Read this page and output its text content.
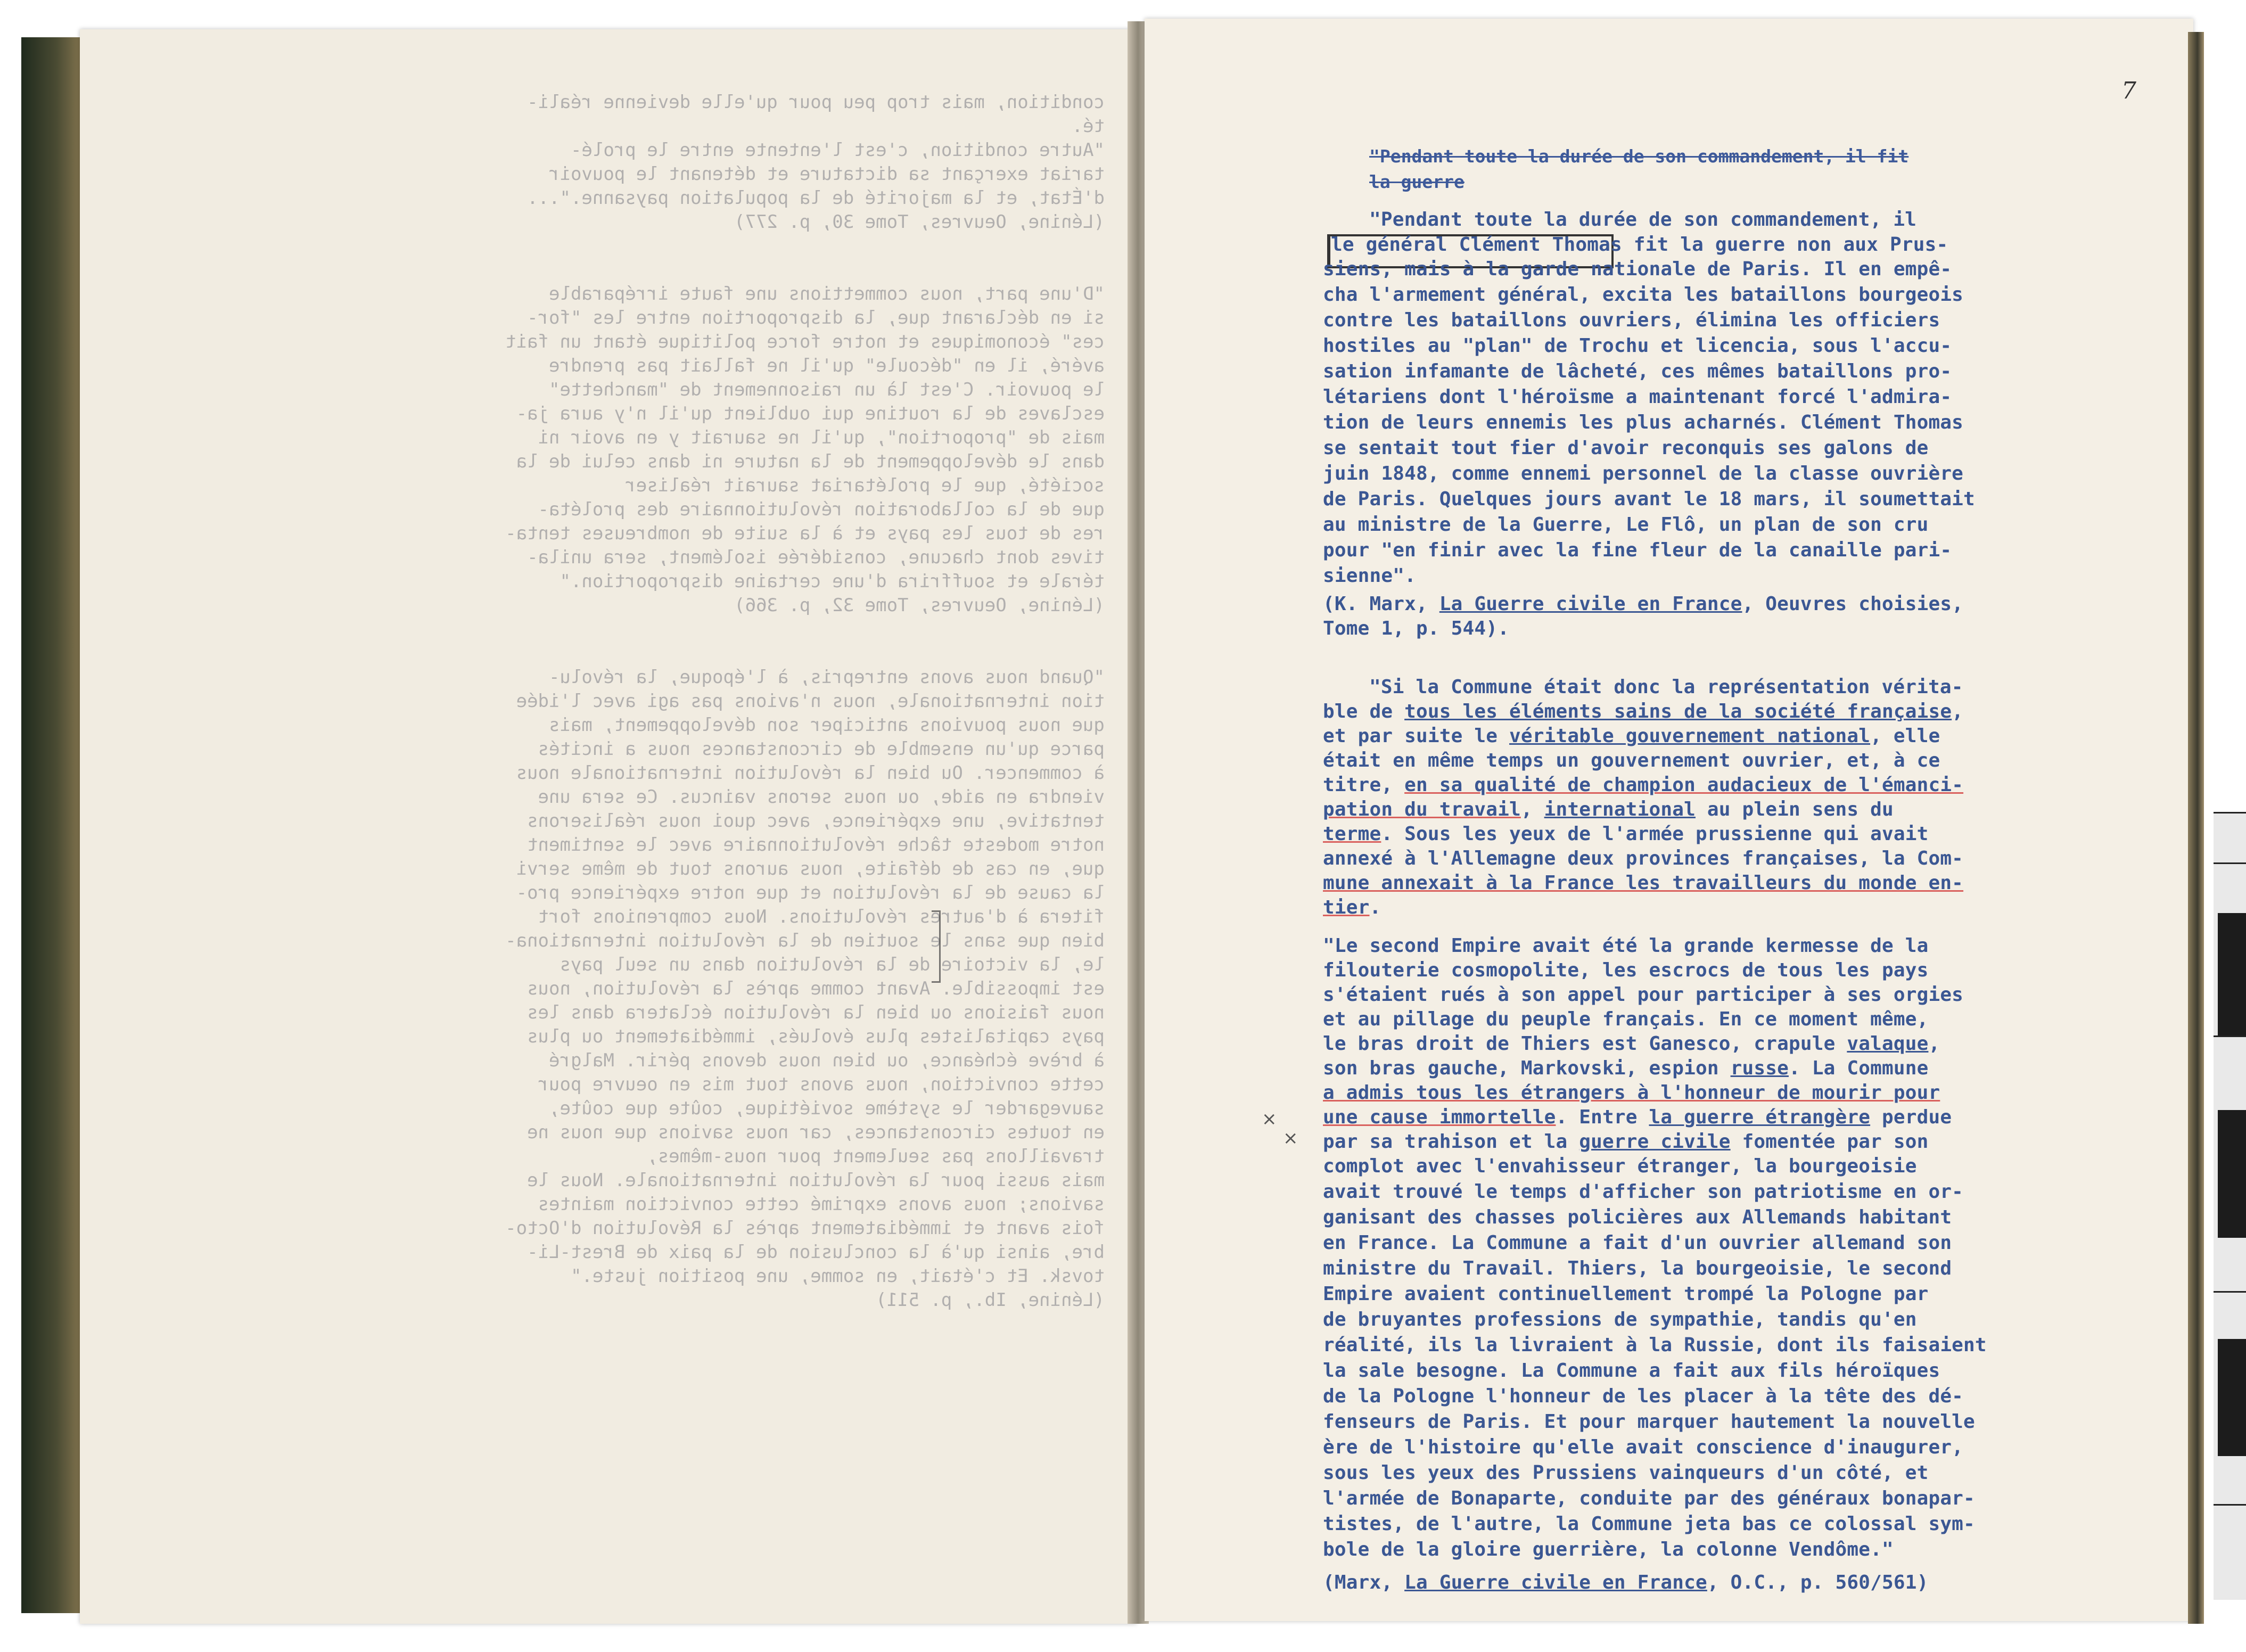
condition, mais trop peu pour qu'elle devienne réali-
té.
"Autre condition, c'est l'entente entre le prolé-
tariat exerçant sa dictature et détenant le pouvoir
d'État, et la majorité de la population paysanne."...
(Lénine, Oeuvres, Tome 30, p. 277)
"D'une part, nous commettions une faute irréparable
si en déclarant que, la disproportion entre les "for-
ces" économiques et notre force politique étant un fait
avéré, il en "découle" qu'il ne fallait pas prendre
le pouvoir. C'est là un raisonnement de "manchette"
esclaves de la routine qui oublient qu'il n'y aura ja-
mais de "proportion", qu'il ne saurait y en avoir ni
dans le développement de la nature ni dans celui de la
société, que le prolétariat saurait réaliser
que de la collaboration révolutionnaire des proléta-
res de tous les pays et à la suite de nombreuses tenta-
tives dont chacune, considérée isolément, sera unila-
térale et souffrira d'une certaine disproportion."
(Lénine, Oeuvres, Tome 32, p. 366)
"Quand nous avons entrepris, à l'époque, la révolu-
tion internationale, nous n'avions pas agi avec l'idée
que nous pouvions anticiper son développement, mais
parce qu'un ensemble de circonstances nous a incités
à commencer. Ou bien la révolution internationale nous
viendra en aide, ou nous serons vaincus. Ce sera une
tentative, une expérience, avec quoi nous réaliserons
notre modeste tâche révolutionnaire avec le sentiment
que, en cas de défaite, nous aurons tout de même servi
la cause de la révolution et que notre expérience pro-
fitera à d'autres révolutions. Nous comprenions fort
bien que sans le soutien de la révolution internationa-
le, la victoire de la révolution dans un seul pays
est impossible. Avant comme après la révolution, nous
nous faisions ou bien la révolution éclatera dans les
pays capitalistes plus évolués, immédiatement ou plus
à brève échéance, ou bien nous devons périr. Malgré
cette conviction, nous avons tout mis en oeuvre pour
sauvegarder le système soviétique, coûte que coûte,
en toutes circonstances, car nous savions que nous ne
travaillons pas seulement pour nous-mêmes,
mais aussi pour la révolution internationale. Nous le
savions; nous avons exprimé cette conviction maintes
fois avant et immédiatement après la Révolution d'Octo-
bre, ainsi qu'à la conclusion de la paix de Brest-Li-
tovsk. Et c'était, en somme, une position juste."
(Lénine, Ib., p. 511)
7
"Pendant toute la durée de son commandement, il fit
la guerre
"Pendant toute la durée de son commandement, il
le général Clément Thomas fit la guerre non aux Prus-
siens, mais à la garde nationale de Paris. Il en empê-
cha l'armement général, excita les bataillons bourgeois
contre les bataillons ouvriers, élimina les officiers
hostiles au "plan" de Trochu et licencia, sous l'accu-
sation infamante de lâcheté, ces mêmes bataillons pro-
létariens dont l'héroïsme a maintenant forcé l'admira-
tion de leurs ennemis les plus acharnés. Clément Thomas
se sentait tout fier d'avoir reconquis ses galons de
juin 1848, comme ennemi personnel de la classe ouvrière
de Paris. Quelques jours avant le 18 mars, il soumettait
au ministre de la Guerre, Le Flô, un plan de son cru
pour "en finir avec la fine fleur de la canaille pari-
sienne".
(K. Marx, La Guerre civile en France, Oeuvres choisies,
Tome 1, p. 544).
"Si la Commune était donc la représentation vérita-
ble de tous les éléments sains de la société française,
et par suite le véritable gouvernement national, elle
était en même temps un gouvernement ouvrier, et, à ce
titre, en sa qualité de champion audacieux de l'émanci-
pation du travail, international au plein sens du
terme. Sous les yeux de l'armée prussienne qui avait
annexé à l'Allemagne deux provinces françaises, la Com-
mune annexait à la France les travailleurs du monde en-
tier.
"Le second Empire avait été la grande kermesse de la
filouterie cosmopolite, les escrocs de tous les pays
s'étaient rués à son appel pour participer à ses orgies
et au pillage du peuple français. En ce moment même,
le bras droit de Thiers est Ganesco, crapule valaque,
son bras gauche, Markovski, espion russe. La Commune
a admis tous les étrangers à l'honneur de mourir pour
une cause immortelle. Entre la guerre étrangère perdue
par sa trahison et la guerre civile fomentée par son
complot avec l'envahisseur étranger, la bourgeoisie
avait trouvé le temps d'afficher son patriotisme en or-
ganisant des chasses policières aux Allemands habitant
en France. La Commune a fait d'un ouvrier allemand son
ministre du Travail. Thiers, la bourgeoisie, le second
Empire avaient continuellement trompé la Pologne par
de bruyantes professions de sympathie, tandis qu'en
réalité, ils la livraient à la Russie, dont ils faisaient
la sale besogne. La Commune a fait aux fils héroïques
de la Pologne l'honneur de les placer à la tête des dé-
fenseurs de Paris. Et pour marquer hautement la nouvelle
ère de l'histoire qu'elle avait conscience d'inaugurer,
sous les yeux des Prussiens vainqueurs d'un côté, et
l'armée de Bonaparte, conduite par des généraux bonapar-
tistes, de l'autre, la Commune jeta bas ce colossal sym-
bole de la gloire guerrière, la colonne Vendôme."
(Marx, La Guerre civile en France, O.C., p. 560/561)
×
×
